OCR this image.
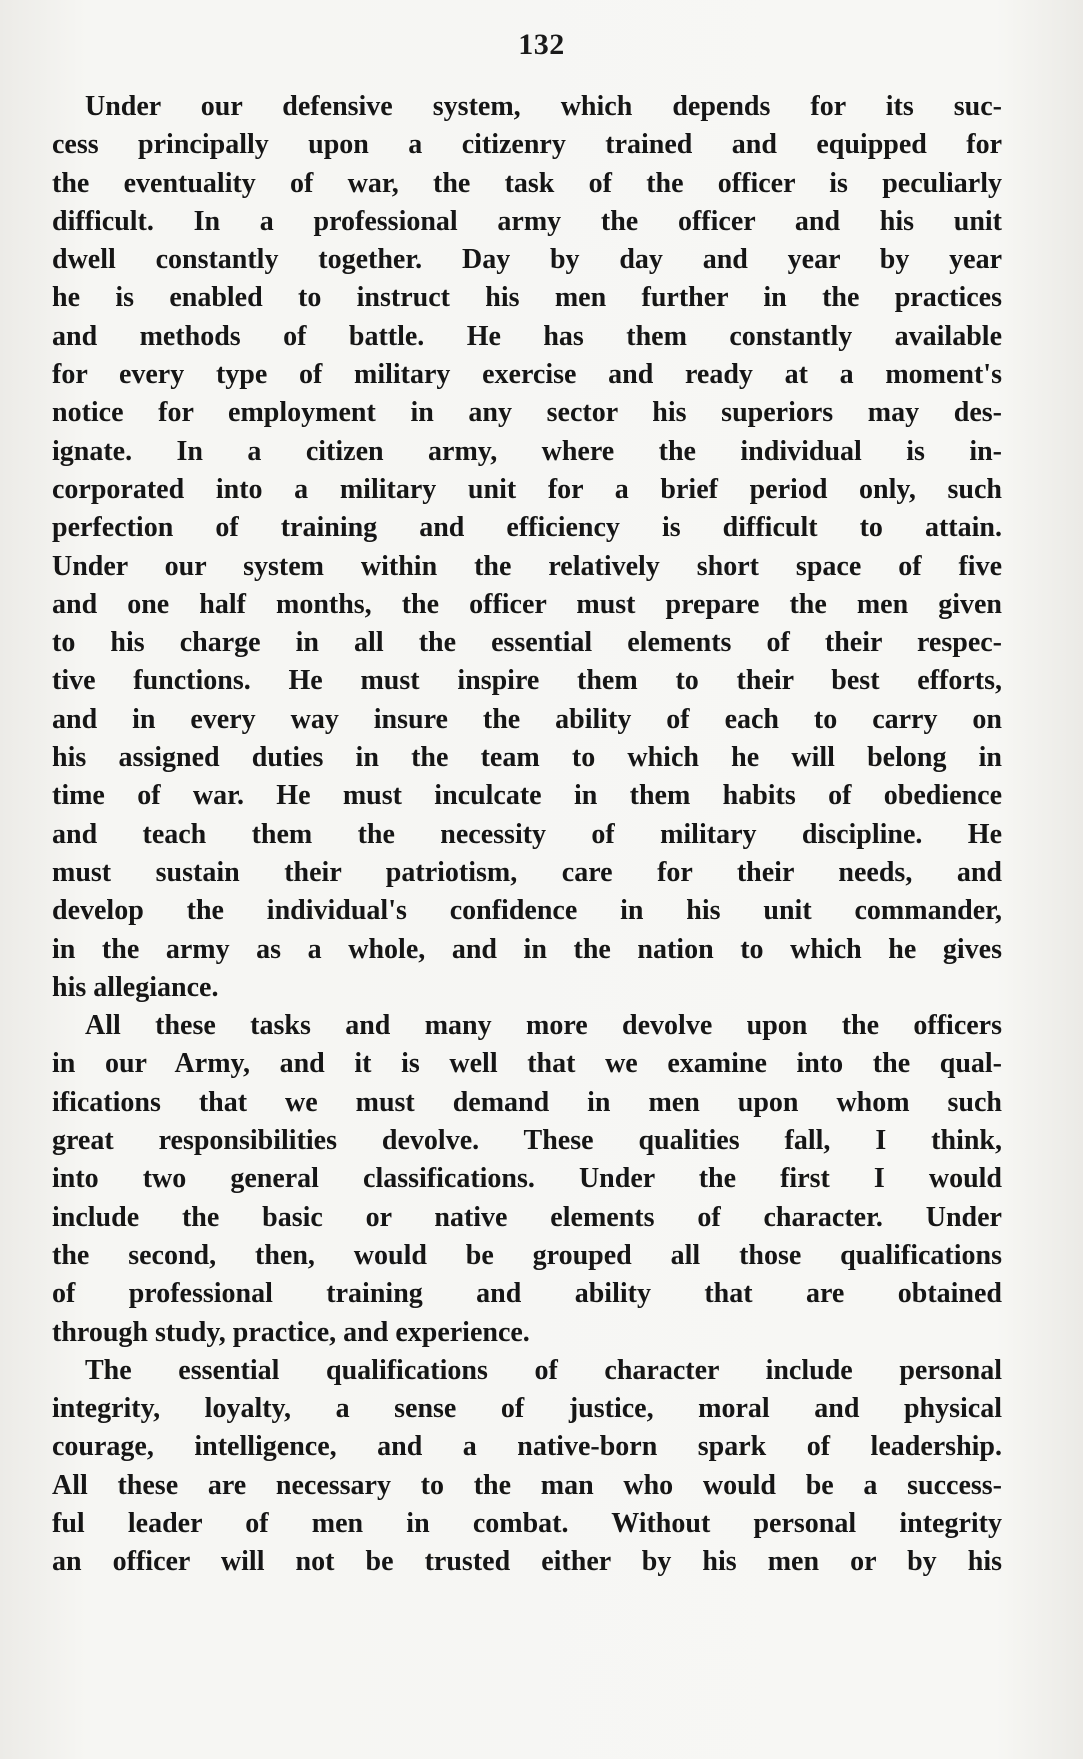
132

Under our defensive system, which depends for its suc-
cess principally upon a citizenry trained and equipped for
the eventuality of war, the task of the officer is peculiarly
difficult. In a professional army the officer and his unit
dwell constantly together. Day by day and year by year
he is enabled to instruct his men further in the practices
and methods of battle. He has them constantly available
for every type of military exercise and ready at a moment's
notice for employment in any sector his superiors may des-
ignate. In a citizen army, where the individual is in-
corporated into a military unit for a brief period only, such
perfection of training and efficiency is difficult to attain.
Under our system within the relatively short space of five
and one half months, the officer must prepare the men given
to his charge in all the essential elements of their respec-
tive functions. He must inspire them to their best efforts,
and in every way insure the ability of each to carry on
his assigned duties in the team to which he will belong in
time of war. He must inculcate in them habits of obedience
and teach them the necessity of military discipline. He
must sustain their patriotism, care for their needs, and
develop the individual's confidence in his unit commander,
in the army as a whole, and in the nation to which he gives
his allegiance.

All these tasks and many more devolve upon the officers
in our Army, and it is well that we examine into the qual-
ifications that we must demand in men upon whom such
great responsibilities devolve. These qualities fall, I think,
into two general classifications. Under the first I would
include the basic or native elements of character. Under
the second, then, would be grouped all those qualifications
of professional training and ability that are obtained
through study, practice, and experience.

The essential qualifications of character include personal
integrity, loyalty, a sense of justice, moral and physical
courage, intelligence, and a native-born spark of leadership.
All these are necessary to the man who would be a success-
ful leader of men in combat. Without personal integrity
an officer will not be trusted either by his men or by his
